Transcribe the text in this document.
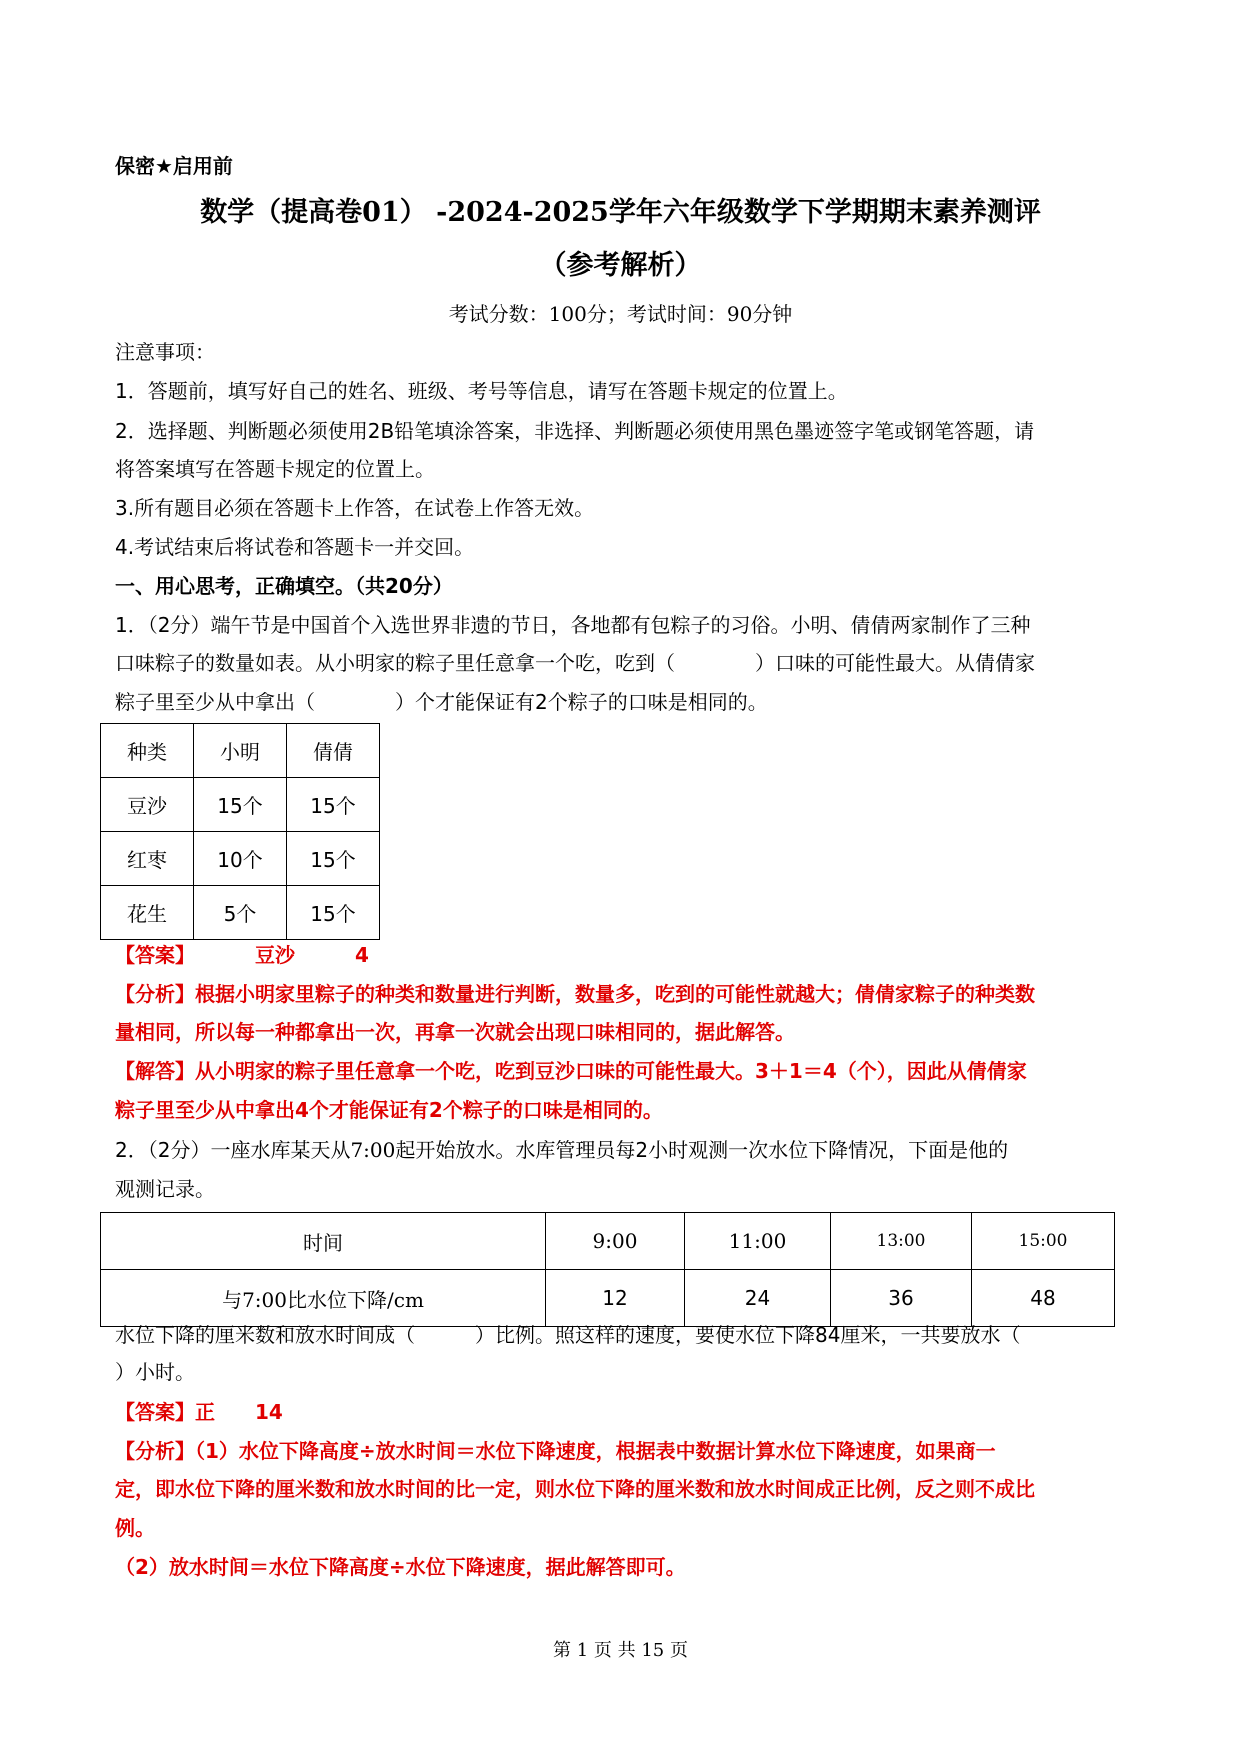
保密★启用前
数学（提高卷01） -2024-2025学年六年级数学下学期期末素养测评
（参考解析）
考试分数：100分；考试时间：90分钟
注意事项：
1．答题前，填写好自己的姓名、班级、考号等信息，请写在答题卡规定的位置上。
2．选择题、判断题必须使用2B铅笔填涂答案，非选择、判断题必须使用黑色墨迹签字笔或钢笔答题，请
将答案填写在答题卡规定的位置上。
3.所有题目必须在答题卡上作答，在试卷上作答无效。
4.考试结束后将试卷和答题卡一并交回。
一、用心思考，正确填空。（共20分）
1．（2分）端午节是中国首个入选世界非遗的节日，各地都有包粽子的习俗。小明、倩倩两家制作了三种
口味粽子的数量如表。从小明家的粽子里任意拿一个吃，吃到（　　　　）口味的可能性最大。从倩倩家
粽子里至少从中拿出（　　　　）个才能保证有2个粽子的口味是相同的。
种类	小明	倩倩
豆沙	15个	15个
红枣	10个	15个
花生	5个	15个
【答案】	豆沙	4
【分析】根据小明家里粽子的种类和数量进行判断，数量多，吃到的可能性就越大；倩倩家粽子的种类数
量相同，所以每一种都拿出一次，再拿一次就会出现口味相同的，据此解答。
【解答】从小明家的粽子里任意拿一个吃，吃到豆沙口味的可能性最大。3＋1＝4（个），因此从倩倩家
粽子里至少从中拿出4个才能保证有2个粽子的口味是相同的。
2．（2分）一座水库某天从7:00起开始放水。水库管理员每2小时观测一次水位下降情况，下面是他的
观测记录。
时间	9:00	11:00	13:00	15:00
与7:00比水位下降/cm	12	24	36	48
水位下降的厘米数和放水时间成（　　　）比例。照这样的速度，要使水位下降84厘米，一共要放水（
）小时。
【答案】正 14
【分析】（1）水位下降高度÷放水时间＝水位下降速度，根据表中数据计算水位下降速度，如果商一
定，即水位下降的厘米数和放水时间的比一定，则水位下降的厘米数和放水时间成正比例，反之则不成比
例。
（2）放水时间＝水位下降高度÷水位下降速度，据此解答即可。
第 1 页 共 15 页
